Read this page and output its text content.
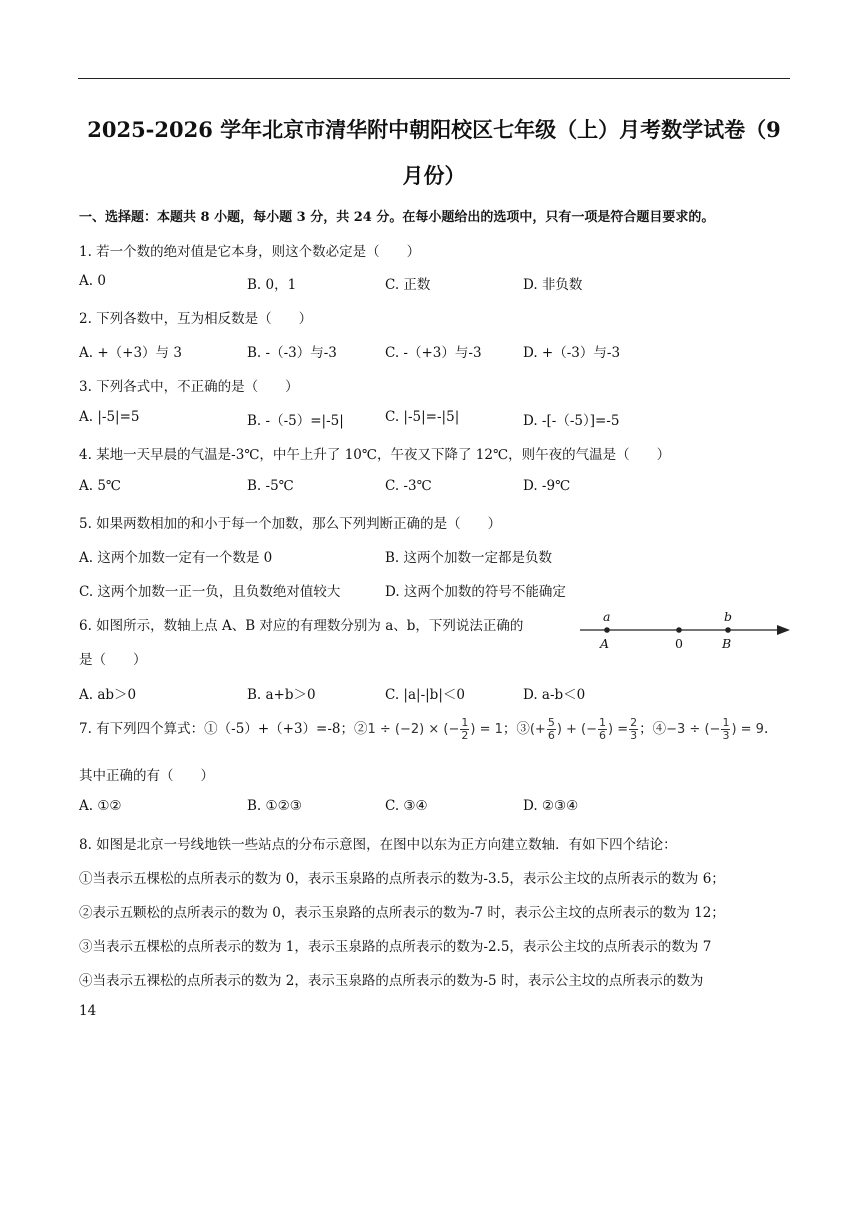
2025-2026 学年北京市清华附中朝阳校区七年级（上）月考数学试卷（9
月份）
一、选择题：本题共 8 小题，每小题 3 分，共 24 分。在每小题给出的选项中，只有一项是符合题目要求的。
1. 若一个数的绝对值是它本身，则这个数必定是（　　）
A. 0	B. 0，1	C. 正数	D. 非负数
2. 下列各数中，互为相反数是（　　）
A. +（+3）与 3	B. -（-3）与-3	C. -（+3）与-3	D. +（-3）与-3
3. 下列各式中，不正确的是（　　）
A. |-5|=5	B. -（-5）=|-5|	C. |-5|=-|5|	D. -[-（-5）]=-5
4. 某地一天早晨的气温是-3℃，中午上升了 10℃，午夜又下降了 12℃，则午夜的气温是（　　）
A. 5℃	B. -5℃	C. -3℃	D. -9℃
5. 如果两数相加的和小于每一个加数，那么下列判断正确的是（　　）
A. 这两个加数一定有一个数是 0	B. 这两个加数一定都是负数
C. 这两个加数一正一负，且负数绝对值较大	D. 这两个加数的符号不能确定
6. 如图所示，数轴上点 A、B 对应的有理数分别为 a、b，下列说法正确的
是（　　）
a
A	0
b
B
A. ab＞0	B. a+b＞0	C. |a|-|b|＜0	D. a-b＜0
7. 有下列四个算式：①（-5）+（+3）=-8；②1 ÷ (−2) × (− $\frac{1}{2}$ ) = 1；③(+ $\frac{5}{6}$ ) + (− $\frac{1}{6}$ ) = $\frac{2}{3}$ ；④−3 ÷ (− $\frac{1}{3}$ ) = 9.
其中正确的有（　　）
A. ①②	B. ①②③	C. ③④	D. ②③④
8. 如图是北京一号线地铁一些站点的分布示意图，在图中以东为正方向建立数轴．有如下四个结论：
①当表示五棵松的点所表示的数为 0，表示玉泉路的点所表示的数为-3.5，表示公主坟的点所表示的数为 6；
②表示五颗松的点所表示的数为 0，表示玉泉路的点所表示的数为-7 时，表示公主坟的点所表示的数为 12；
③当表示五棵松的点所表示的数为 1，表示玉泉路的点所表示的数为-2.5，表示公主坟的点所表示的数为 7
④当表示五裸松的点所表示的数为 2，表示玉泉路的点所表示的数为-5 时，表示公主坟的点所表示的数为
14
